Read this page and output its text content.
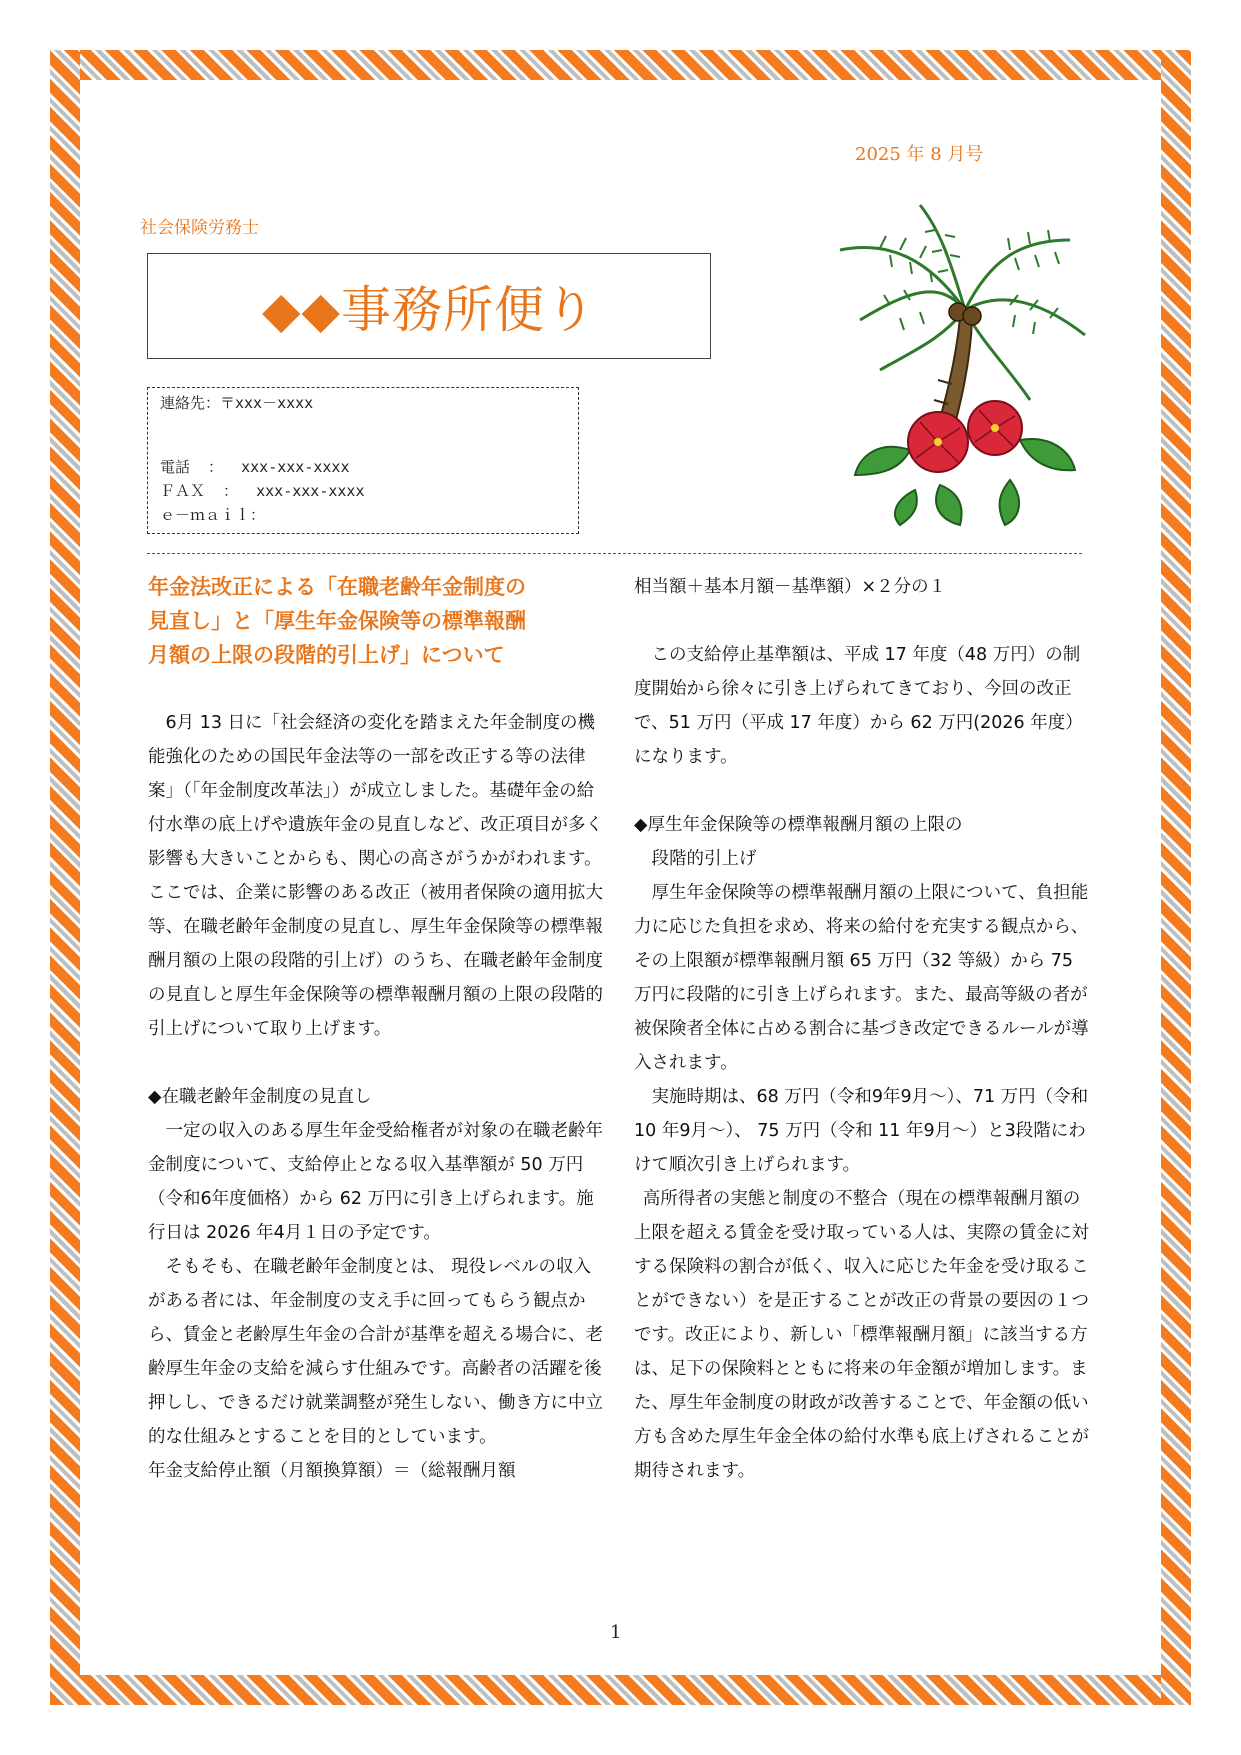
2025 年 8 月号
社会保険労務士
◆◆事務所便り
連絡先：〒xxx－xxxx
電話  ：  xxx-xxx-xxxx
ＦＡＸ  ：  xxx-xxx-xxxx
ｅ－ｍａｉｌ：
年金法改正による「在職老齢年金制度の
見直し」と「厚生年金保険等の標準報酬
月額の上限の段階的引上げ」について

6月 13 日に「社会経済の変化を踏まえた年金制度の機能強化のための国民年金法等の一部を改正する等の法律案」（「年金制度改革法」）が成立しました。基礎年金の給付水準の底上げや遺族年金の見直しなど、改正項目が多く影響も大きいことからも、関心の高さがうかがわれます。ここでは、企業に影響のある改正（被用者保険の適用拡大等、在職老齢年金制度の見直し、厚生年金保険等の標準報酬月額の上限の段階的引上げ）のうち、在職老齢年金制度の見直しと厚生年金保険等の標準報酬月額の上限の段階的引上げについて取り上げます。

◆在職老齢年金制度の見直し

一定の収入のある厚生年金受給権者が対象の在職老齢年金制度について、支給停止となる収入基準額が 50 万円（令和6年度価格）から 62 万円に引き上げられます。施行日は 2026 年4月１日の予定です。

そもそも、在職老齢年金制度とは、 現役レベルの収入がある者には、年金制度の支え手に回ってもらう観点から、賃金と老齢厚生年金の合計が基準を超える場合に、老齢厚生年金の支給を減らす仕組みです。高齢者の活躍を後押しし、できるだけ就業調整が発生しない、働き方に中立的な仕組みとすることを目的としています。

年金支給停止額（月額換算額）＝（総報酬月額

相当額＋基本月額－基準額）×２分の１

この支給停止基準額は、平成 17 年度（48 万円）の制度開始から徐々に引き上げられてきており、今回の改正で、51 万円（平成 17 年度）から 62 万円(2026 年度）になります。

◆厚生年金保険等の標準報酬月額の上限の

段階的引上げ

厚生年金保険等の標準報酬月額の上限について、負担能力に応じた負担を求め、将来の給付を充実する観点から、その上限額が標準報酬月額 65 万円（32 等級）から 75 万円に段階的に引き上げられます。また、最高等級の者が被保険者全体に占める割合に基づき改定できるルールが導入されます。

実施時期は、68 万円（令和9年9月～）、71 万円（令和 10 年9月～）、 75 万円（令和 11 年9月～）と3段階にわけて順次引き上げられます。

高所得者の実態と制度の不整合（現在の標準報酬月額の上限を超える賃金を受け取っている人は、実際の賃金に対する保険料の割合が低く、収入に応じた年金を受け取ることができない）を是正することが改正の背景の要因の１つです。改正により、新しい「標準報酬月額」に該当する方は、足下の保険料とともに将来の年金額が増加します。また、厚生年金制度の財政が改善することで、年金額の低い方も含めた厚生年金全体の給付水準も底上げされることが期待されます。

1
